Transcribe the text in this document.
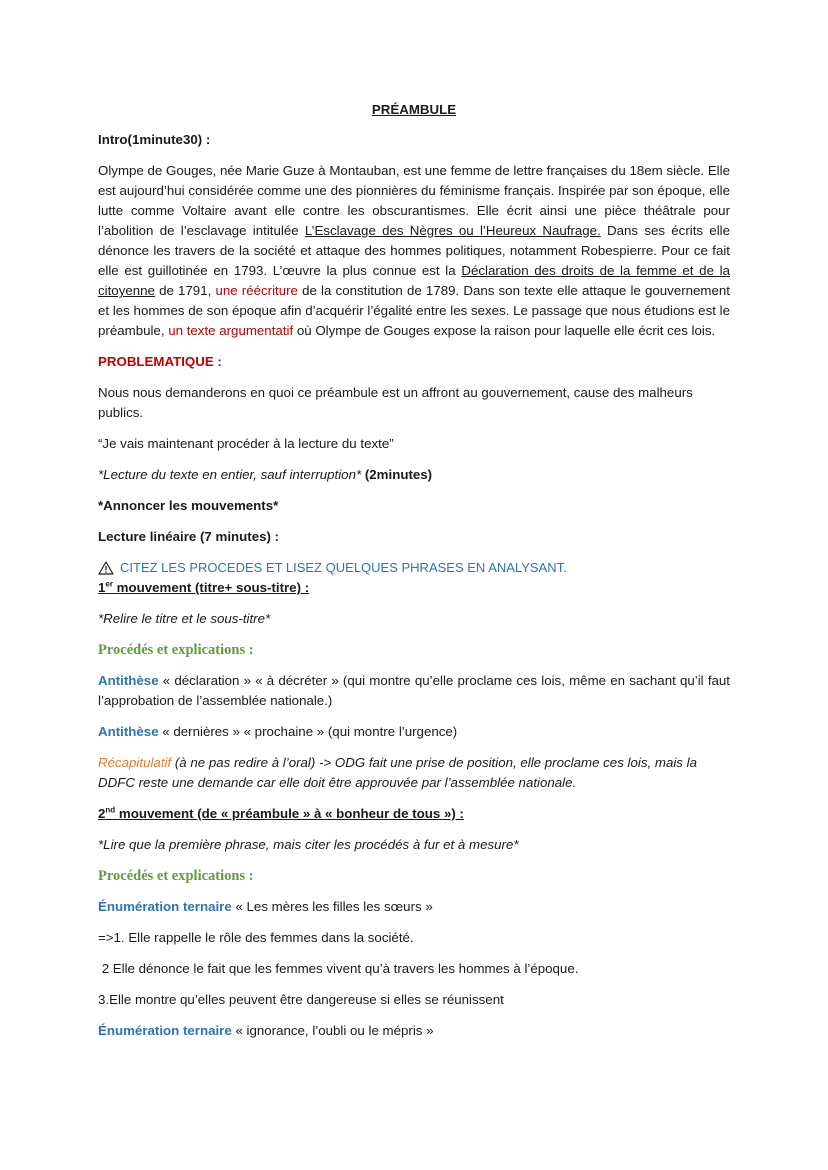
PRÉAMBULE

Intro(1minute30) :

Olympe de Gouges, née Marie Guze à Montauban, est une femme de lettre françaises du 18em siècle. Elle est aujourd’hui considérée comme une des pionnières du féminisme français. Inspirée par son époque, elle lutte comme Voltaire avant elle contre les obscurantismes. Elle écrit ainsi une pièce théâtrale pour l’abolition de l’esclavage intitulée L’Esclavage des Nègres ou l’Heureux Naufrage. Dans ses écrits elle dénonce les travers de la société et attaque des hommes politiques, notamment Robespierre. Pour ce fait elle est guillotinée en 1793. L’œuvre la plus connue est la Déclaration des droits de la femme et de la citoyenne de 1791, une réécriture de la constitution de 1789. Dans son texte elle attaque le gouvernement et les hommes de son époque afin d’acquérir l’égalité entre les sexes. Le passage que nous étudions est le préambule, un texte argumentatif où Olympe de Gouges expose la raison pour laquelle elle écrit ces lois.

PROBLEMATIQUE :

Nous nous demanderons en quoi ce préambule est un affront au gouvernement, cause des malheurs publics.

“Je vais maintenant procéder à la lecture du texte”

*Lecture du texte en entier, sauf interruption* (2minutes)

*Annoncer les mouvements*

Lecture linéaire (7 minutes) :

CITEZ LES PROCEDES ET LISEZ QUELQUES PHRASES EN ANALYSANT.

1er mouvement (titre+ sous-titre) :

*Relire le titre et le sous-titre*

Procédés et explications :

Antithèse « déclaration » « à décréter » (qui montre qu’elle proclame ces lois, même en sachant qu’il faut l’approbation de l’assemblée nationale.)

Antithèse « dernières » « prochaine » (qui montre l’urgence)

Récapitulatif (à ne pas redire à l’oral) -> ODG fait une prise de position, elle proclame ces lois, mais la DDFC reste une demande car elle doit être approuvée par l’assemblée nationale.

2nd mouvement (de « préambule » à « bonheur de tous ») :

*Lire que la première phrase, mais citer les procédés à fur et à mesure*

Procédés et explications :

Énumération ternaire « Les mères les filles les sœurs »

=>1. Elle rappelle le rôle des femmes dans la société.

2 Elle dénonce le fait que les femmes vivent qu’à travers les hommes à l’époque.

3.Elle montre qu’elles peuvent être dangereuse si elles se réunissent

Énumération ternaire « ignorance, l’oubli ou le mépris »
